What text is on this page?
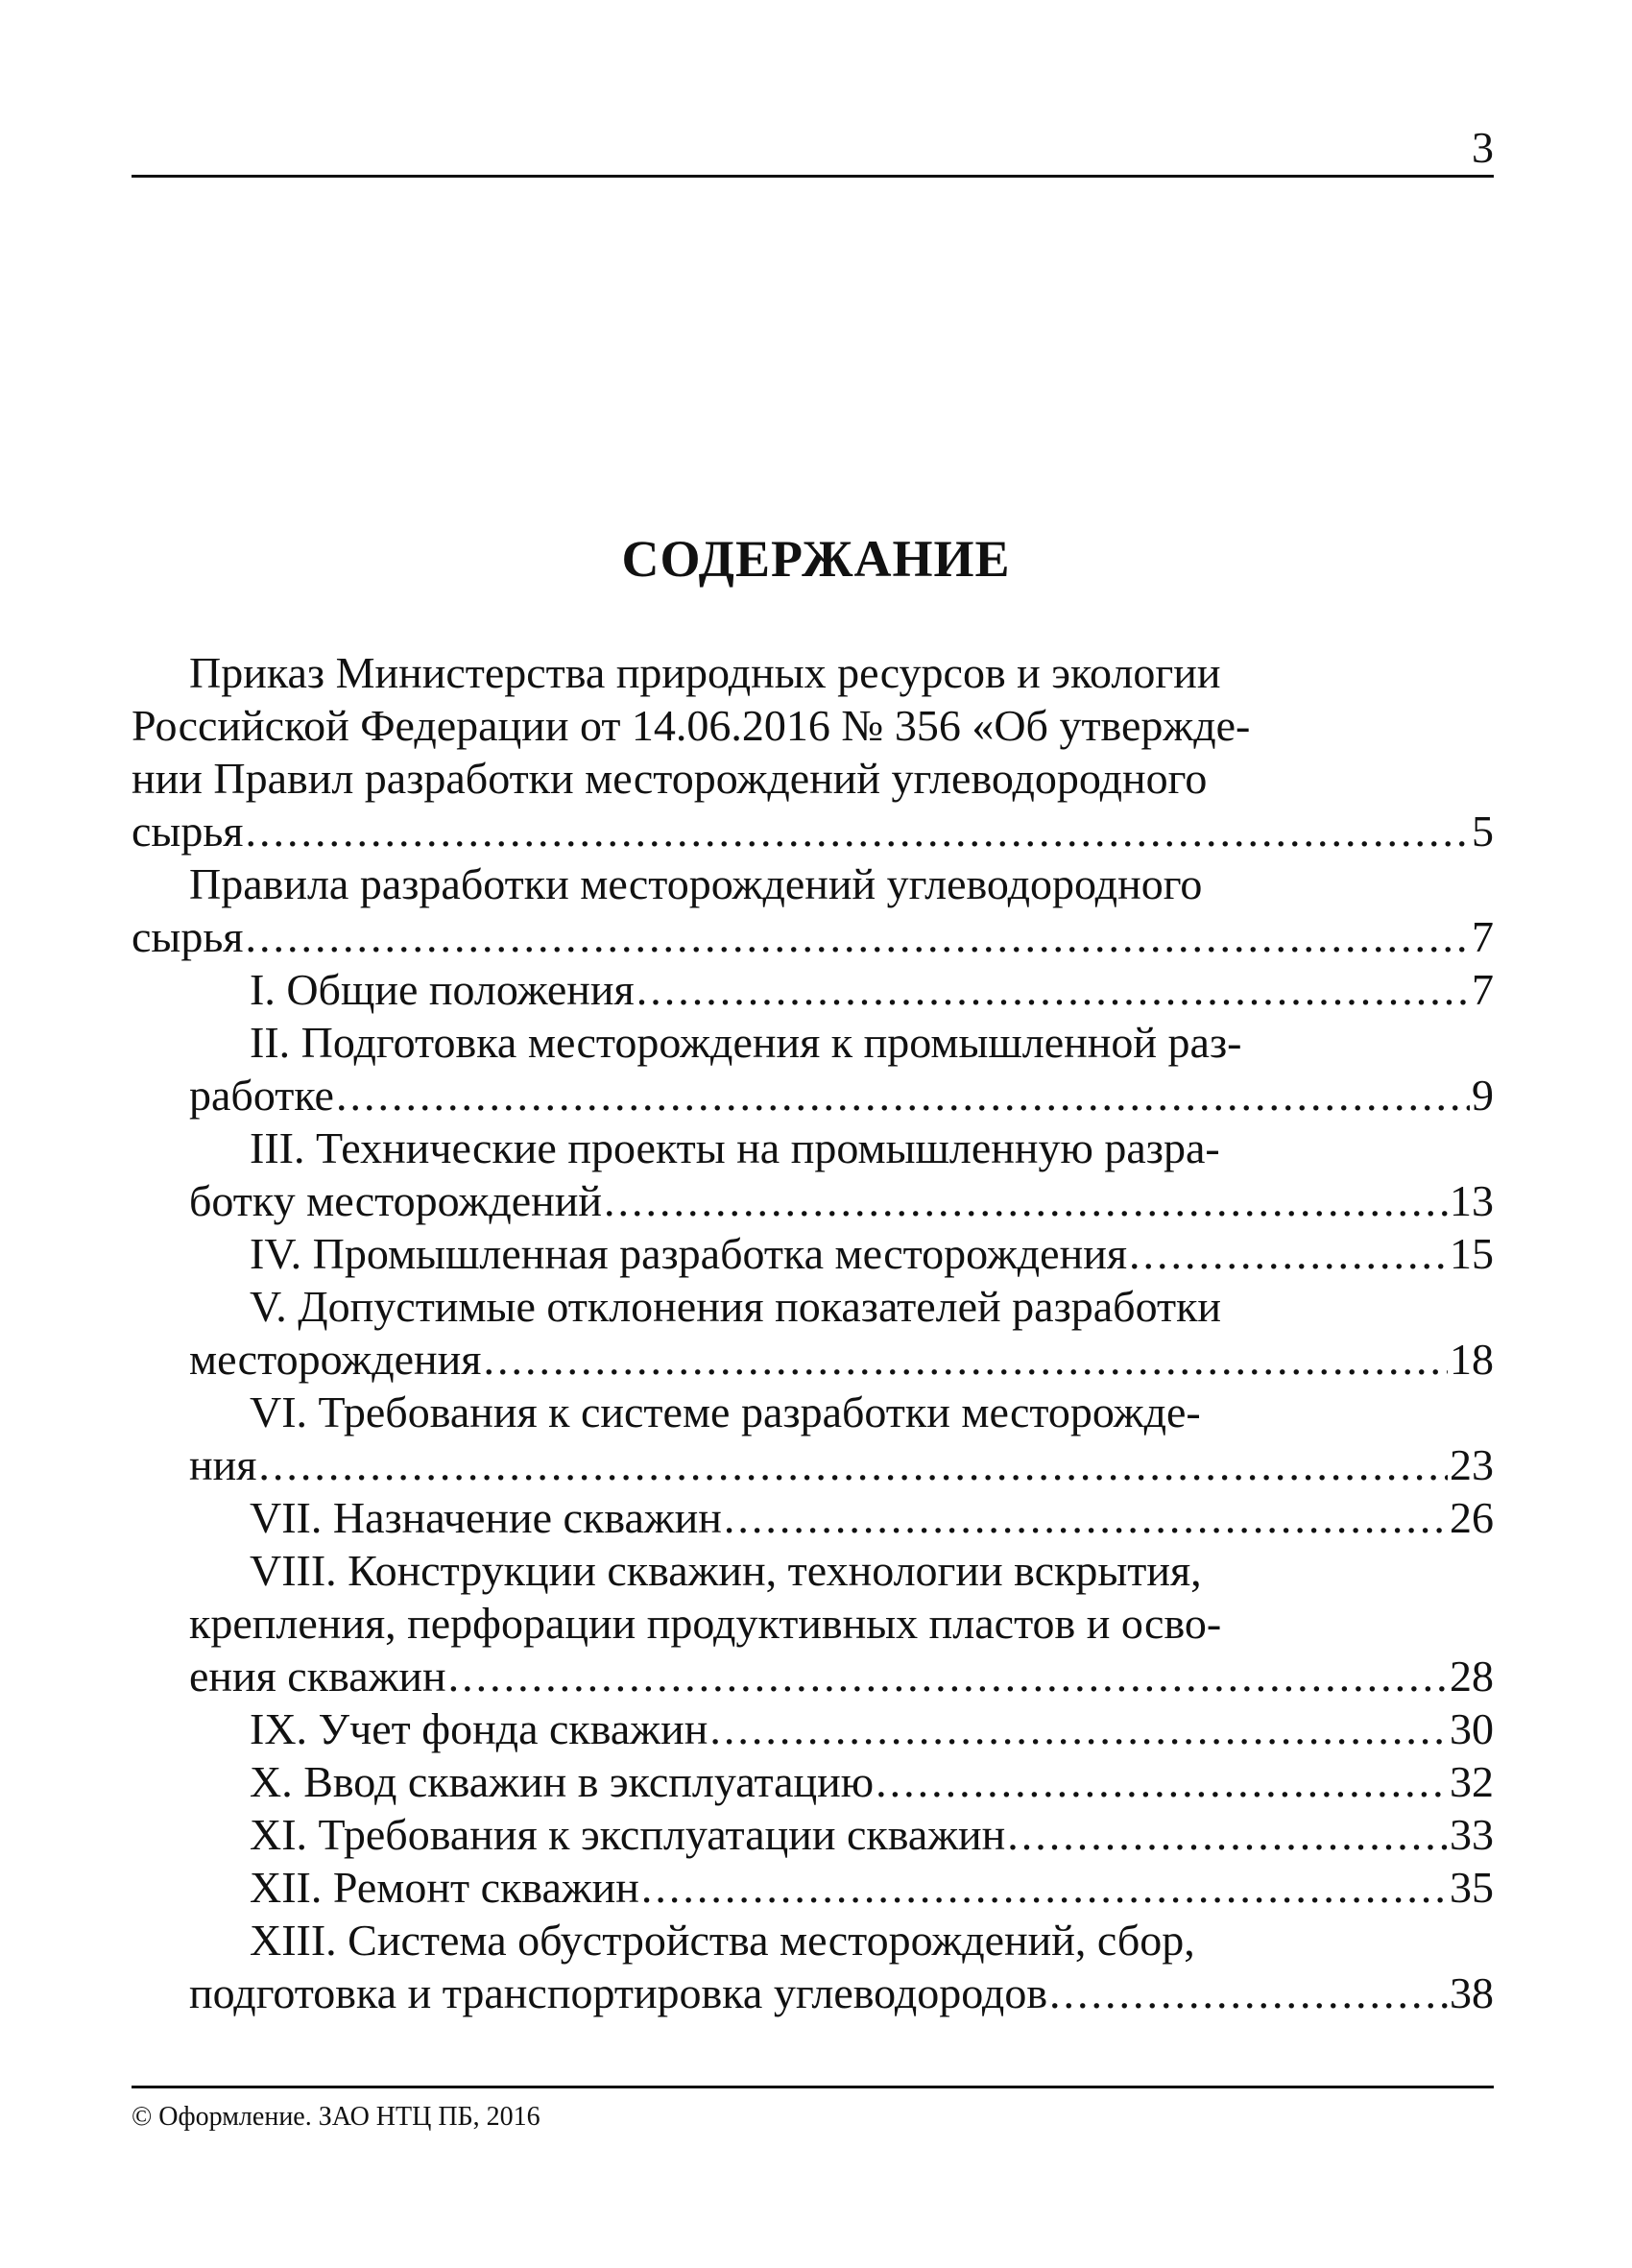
3
СОДЕРЖАНИЕ
Приказ Министерства природных ресурсов и экологии
Российской Федерации от 14.06.2016 № 356 «Об утвержде-
нии Правил разработки месторождений углеводородного
сырья .....	5
Правила разработки месторождений углеводородного
сырья .....	7
I. Общие положения .....	7
II. Подготовка месторождения к промышленной раз-
работке .....	9
III. Технические проекты на промышленную разра-
ботку месторождений .....	13
IV. Промышленная разработка месторождения .....	15
V. Допустимые отклонения показателей разработки
месторождения .....	18
VI. Требования к системе разработки месторожде-
ния .....	23
VII. Назначение скважин .....	26
VIII. Конструкции скважин, технологии вскрытия,
крепления, перфорации продуктивных пластов и осво-
ения скважин .....	28
IX. Учет фонда скважин .....	30
X. Ввод скважин в эксплуатацию .....	32
XI. Требования к эксплуатации скважин .....	33
XII. Ремонт скважин .....	35
XIII. Система обустройства месторождений, сбор,
подготовка и транспортировка углеводородов .....	38
© Оформление. ЗАО НТЦ ПБ, 2016
